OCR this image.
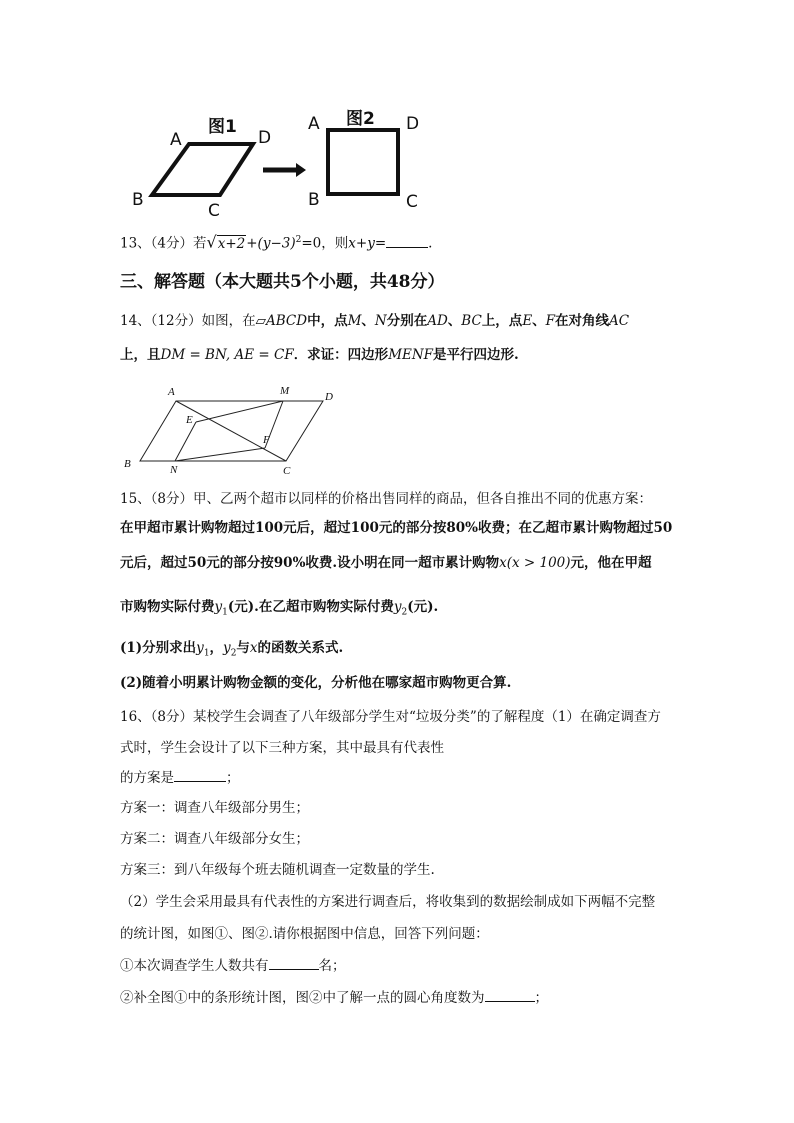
图1
A	D
B
C
图2
A	D
B	C
13、（4分）若$√x+2+(y-3)^2=0$，则x+y=	.
三、解答题（本大题共5个小题，共48分）
14、（12分）如图，在▱ABCD中，点M、N分别在AD、BC上，点E、F在对角线AC
上，且DM = BN, AE = CF．求证：四边形MENF是平行四边形.
A	M	D
E
F
B	N	C
15、（8分）甲、乙两个超市以同样的价格出售同样的商品，但各自推出不同的优惠方案：
在甲超市累计购物超过100元后，超过100元的部分按80%收费；在乙超市累计购物超过50
元后，超过50元的部分按90%收费.设小明在同一超市累计购物x(x > 100)元，他在甲超
市购物实际付费$y_1$(元).在乙超市购物实际付费$y_2$(元).
(1)分别求出$y_1$，$y_2$与x的函数关系式.
(2)随着小明累计购物金额的变化，分析他在哪家超市购物更合算.
16、（8分）某校学生会调查了八年级部分学生对“垃圾分类”的了解程度（1）在确定调查方
式时，学生会设计了以下三种方案，其中最具有代表性
的方案是	；
方案一：调查八年级部分男生；
方案二：调查八年级部分女生；
方案三：到八年级每个班去随机调查一定数量的学生.
（2）学生会采用最具有代表性的方案进行调查后，将收集到的数据绘制成如下两幅不完整
的统计图，如图①、图②.请你根据图中信息，回答下列问题：
①本次调查学生人数共有	名；
②补全图①中的条形统计图，图②中了解一点的圆心角度数为	；
